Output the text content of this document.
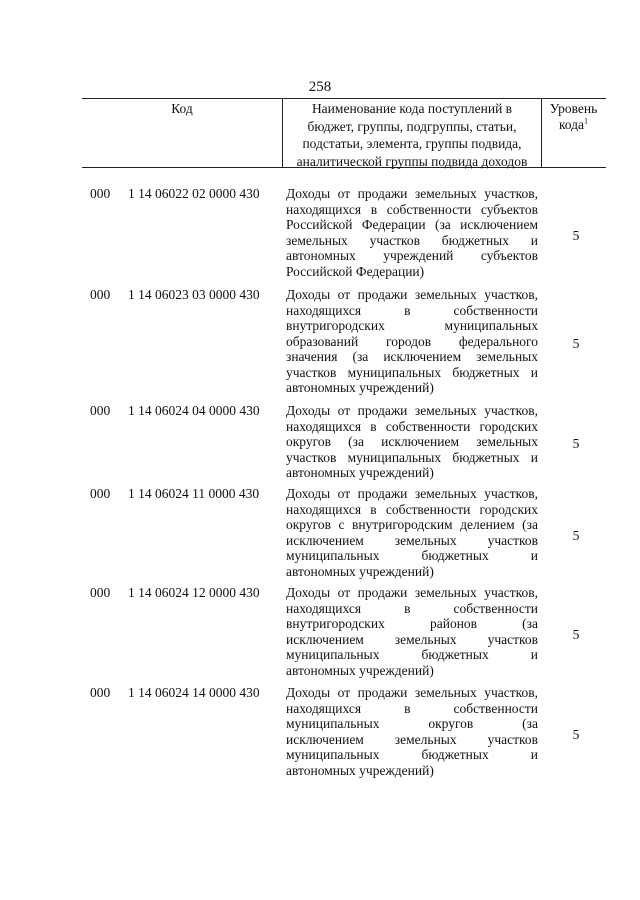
258
Код	Наименование кода поступлений в
бюджет, группы, подгруппы, статьи,
подстатьи, элемента, группы подвида,
аналитической группы подвида доходов
Уровень
кода$^1$
000	1 14 06022 02 0000 430	Доходы от продажи земельных участков,
находящихся в собственности субъектов
Российской Федерации (за исключением
земельных участков бюджетных и
автономных учреждений субъектов
Российской Федерации)
5
000	1 14 06023 03 0000 430	Доходы от продажи земельных участков,
находящихся в собственности
внутригородских муниципальных
образований городов федерального
значения (за исключением земельных
участков муниципальных бюджетных и
автономных учреждений)
5
000	1 14 06024 04 0000 430	Доходы от продажи земельных участков,
находящихся в собственности городских
округов (за исключением земельных
участков муниципальных бюджетных и
автономных учреждений)
5
000	1 14 06024 11 0000 430	Доходы от продажи земельных участков,
находящихся в собственности городских
округов с внутригородским делением (за
исключением земельных участков
муниципальных бюджетных и
автономных учреждений)
5
000	1 14 06024 12 0000 430	Доходы от продажи земельных участков,
находящихся в собственности
внутригородских районов (за
исключением земельных участков
муниципальных бюджетных и
автономных учреждений)
5
000	1 14 06024 14 0000 430	Доходы от продажи земельных участков,
находящихся в собственности
муниципальных округов (за
исключением земельных участков
муниципальных бюджетных и
автономных учреждений)
5
